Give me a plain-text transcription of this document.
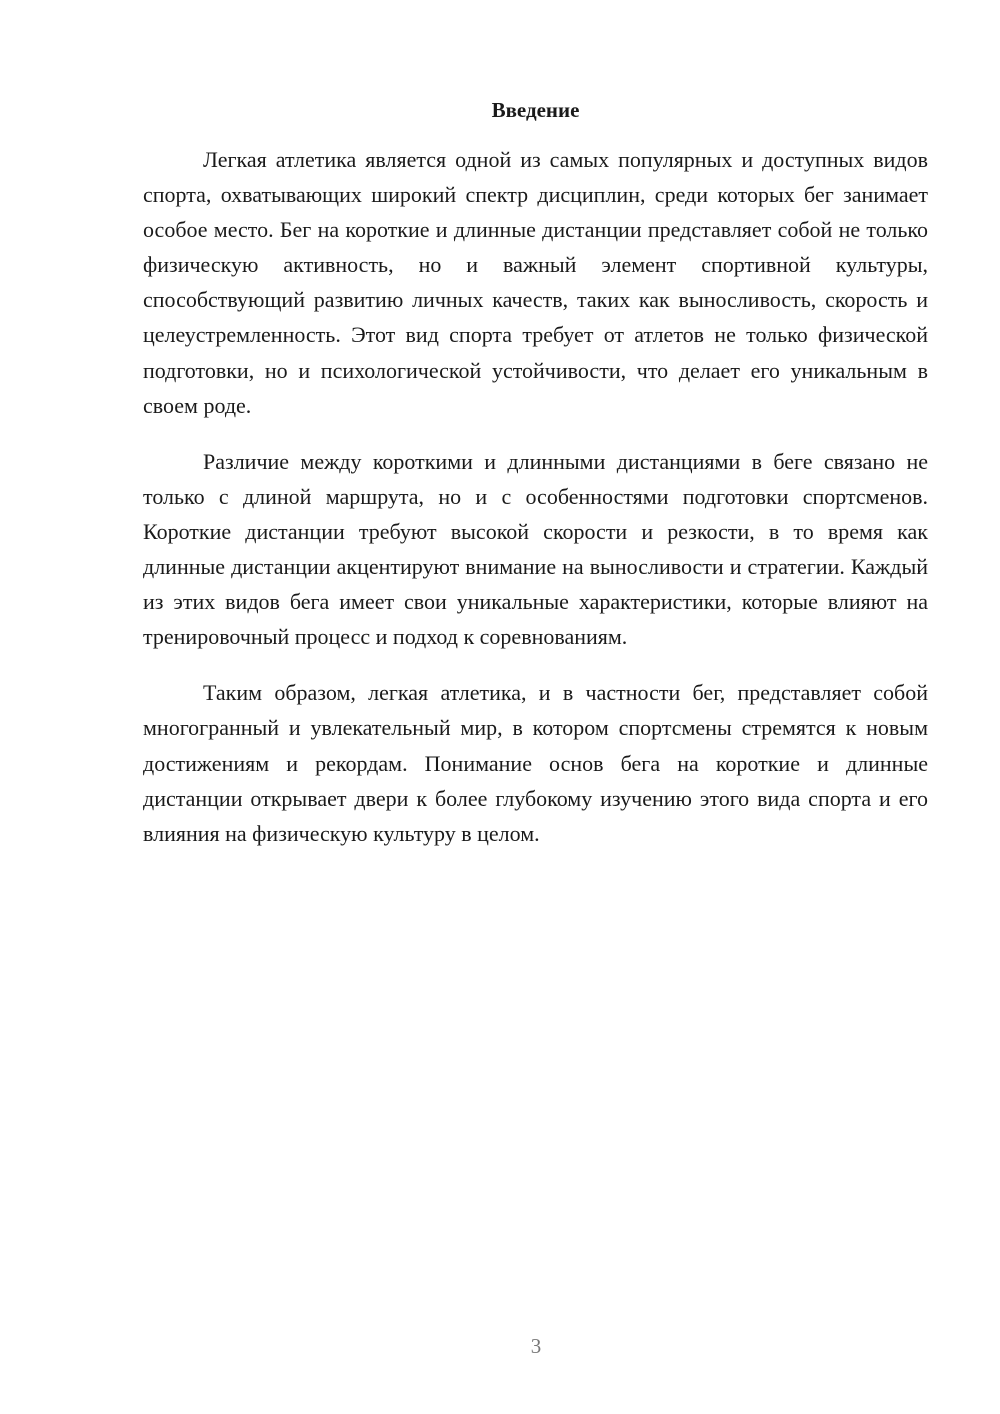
Введение

Легкая атлетика является одной из самых популярных и доступных видов спорта, охватывающих широкий спектр дисциплин, среди которых бег занимает особое место. Бег на короткие и длинные дистанции представляет собой не только физическую активность, но и важный элемент спортивной культуры, способствующий развитию личных качеств, таких как выносливость, скорость и целеустремленность. Этот вид спорта требует от атлетов не только физической подготовки, но и психологической устойчивости, что делает его уникальным в своем роде.

Различие между короткими и длинными дистанциями в беге связано не только с длиной маршрута, но и с особенностями подготовки спортсменов. Короткие дистанции требуют высокой скорости и резкости, в то время как длинные дистанции акцентируют внимание на выносливости и стратегии. Каждый из этих видов бега имеет свои уникальные характеристики, которые влияют на тренировочный процесс и подход к соревнованиям.

Таким образом, легкая атлетика, и в частности бег, представляет собой многогранный и увлекательный мир, в котором спортсмены стремятся к новым достижениям и рекордам. Понимание основ бега на короткие и длинные дистанции открывает двери к более глубокому изучению этого вида спорта и его влияния на физическую культуру в целом.

3
